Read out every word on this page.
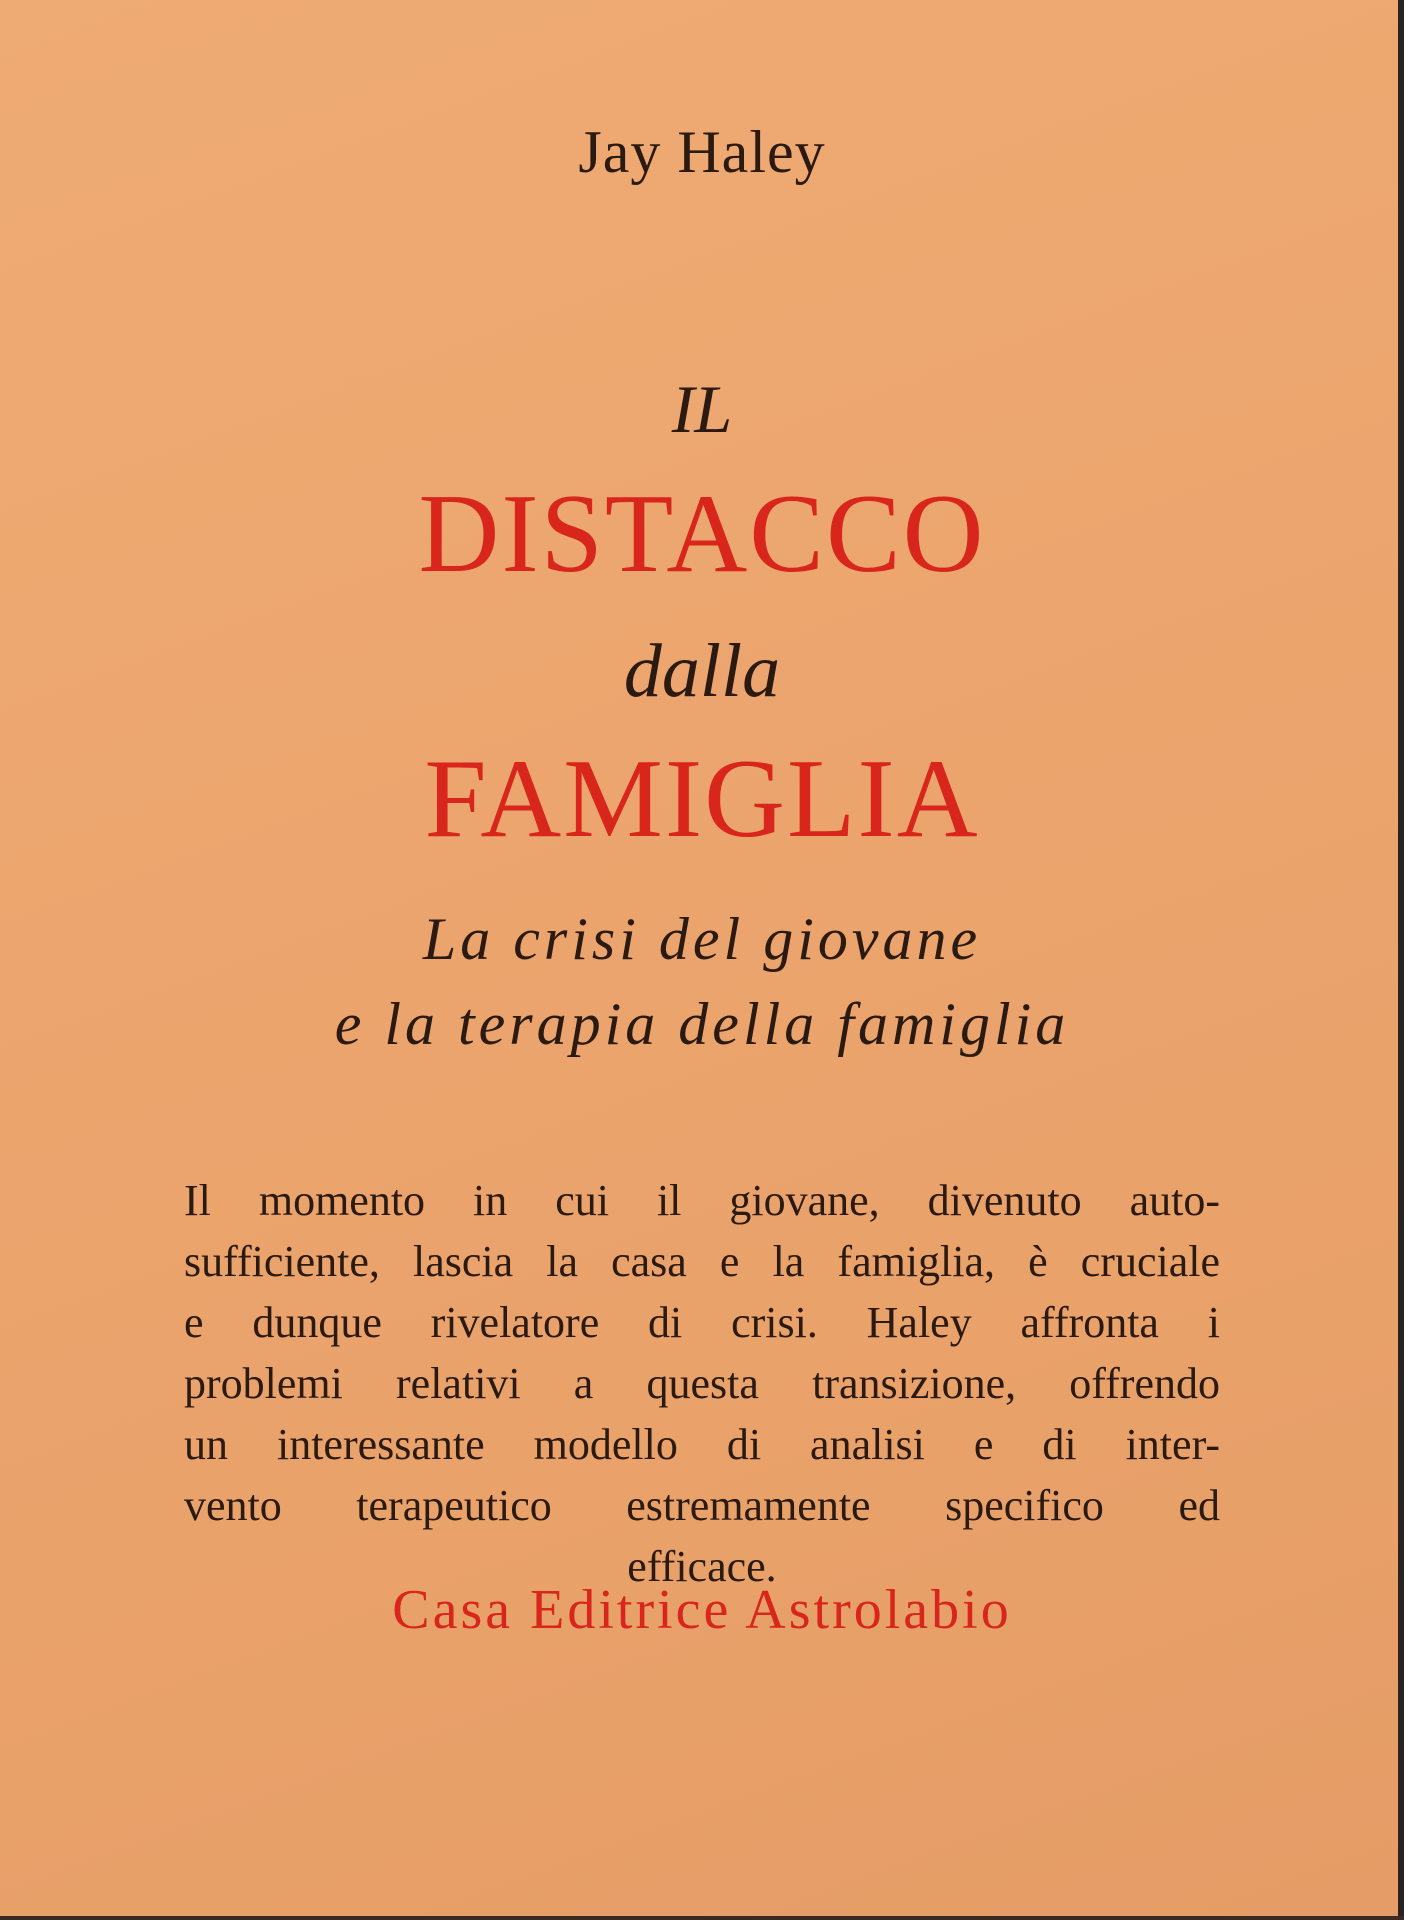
Jay Haley
IL
DISTACCO
dalla
FAMIGLIA
La crisi del giovane
e la terapia della famiglia
Il momento in cui il giovane, divenuto auto-
sufficiente, lascia la casa e la famiglia, è cruciale
e dunque rivelatore di crisi. Haley affronta i
problemi relativi a questa transizione, offrendo
un interessante modello di analisi e di inter-
vento terapeutico estremamente specifico ed
efficace.
Casa Editrice Astrolabio
